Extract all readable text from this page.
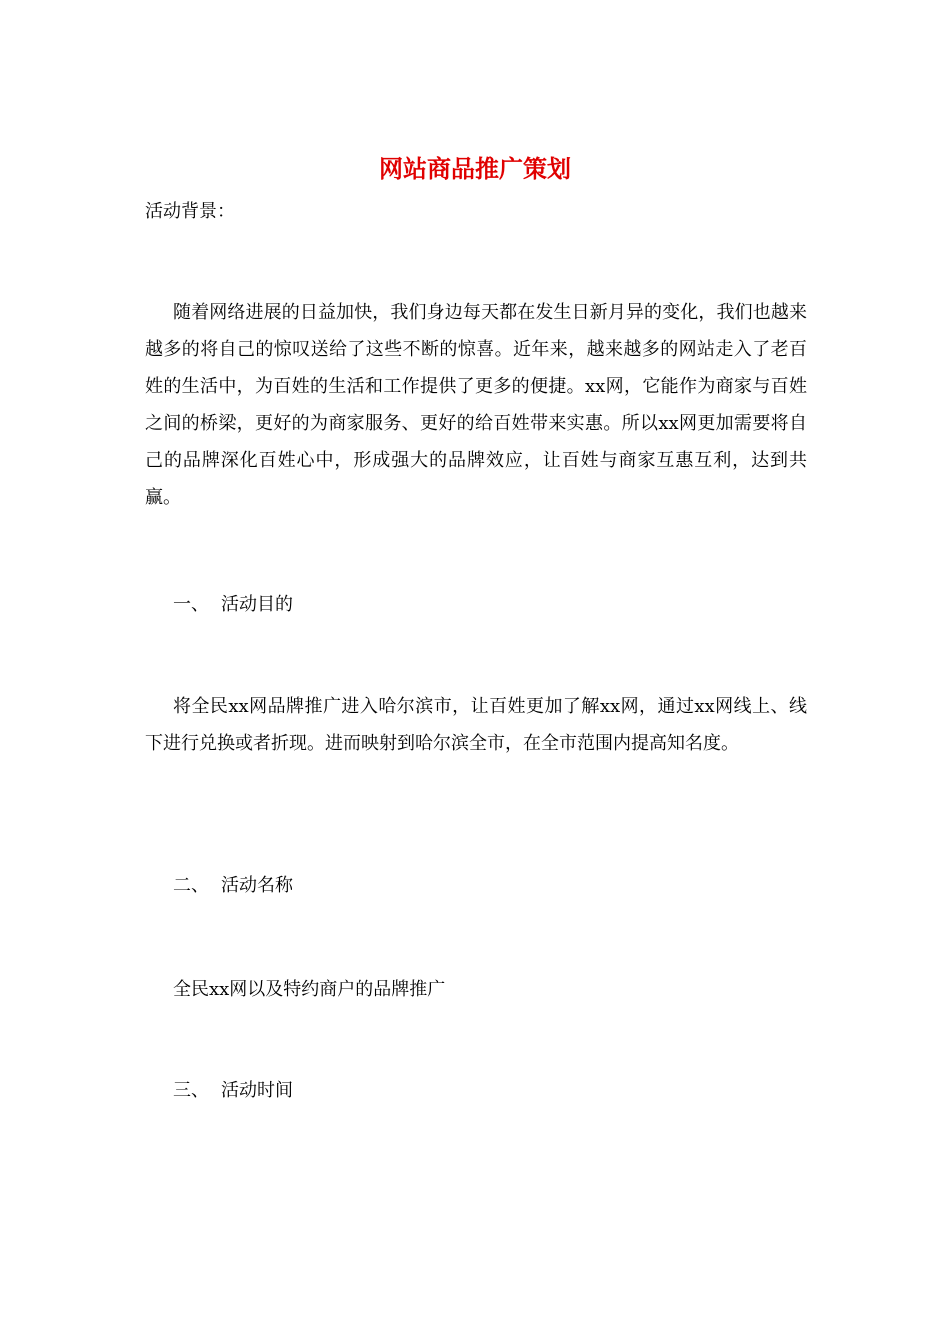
网站商品推广策划
活动背景：

随着网络进展的日益加快，我们身边每天都在发生日新月异的变化，我们也越来越多的将自己的惊叹送给了这些不断的惊喜。近年来，越来越多的网站走入了老百姓的生活中，为百姓的生活和工作提供了更多的便捷。xx网，它能作为商家与百姓之间的桥梁，更好的为商家服务、更好的给百姓带来实惠。所以xx网更加需要将自己的品牌深化百姓心中，形成强大的品牌效应，让百姓与商家互惠互利，达到共赢。

一、 活动目的

将全民xx网品牌推广进入哈尔滨市，让百姓更加了解xx网，通过xx网线上、线下进行兑换或者折现。进而映射到哈尔滨全市，在全市范围内提高知名度。

二、 活动名称
全民xx网以及特约商户的品牌推广
三、 活动时间
